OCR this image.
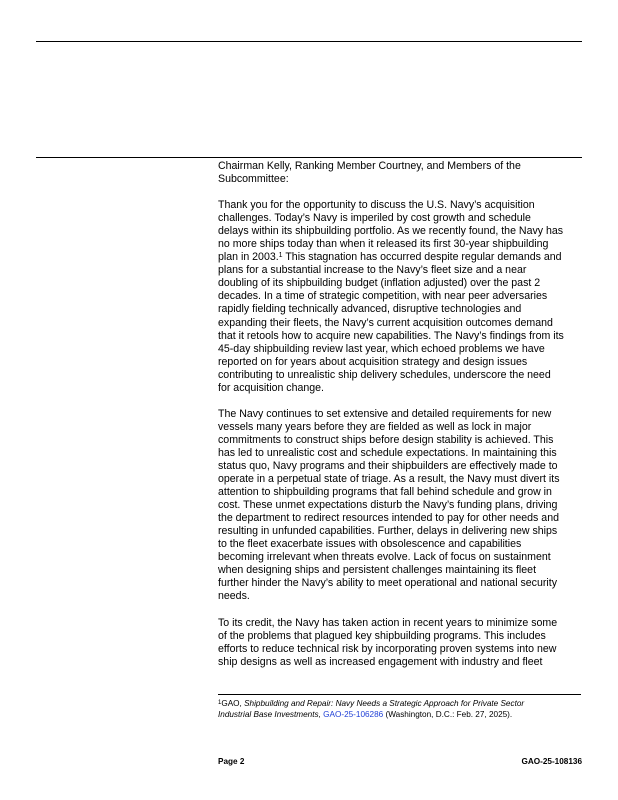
Chairman Kelly, Ranking Member Courtney, and Members of the
Subcommittee:

Thank you for the opportunity to discuss the U.S. Navy’s acquisition
challenges. Today’s Navy is imperiled by cost growth and schedule
delays within its shipbuilding portfolio. As we recently found, the Navy has
no more ships today than when it released its first 30-year shipbuilding
plan in 2003.$^1$ This stagnation has occurred despite regular demands and
plans for a substantial increase to the Navy’s fleet size and a near
doubling of its shipbuilding budget (inflation adjusted) over the past 2
decades. In a time of strategic competition, with near peer adversaries
rapidly fielding technically advanced, disruptive technologies and
expanding their fleets, the Navy’s current acquisition outcomes demand
that it retools how to acquire new capabilities. The Navy’s findings from its
45-day shipbuilding review last year, which echoed problems we have
reported on for years about acquisition strategy and design issues
contributing to unrealistic ship delivery schedules, underscore the need
for acquisition change.

The Navy continues to set extensive and detailed requirements for new
vessels many years before they are fielded as well as lock in major
commitments to construct ships before design stability is achieved. This
has led to unrealistic cost and schedule expectations. In maintaining this
status quo, Navy programs and their shipbuilders are effectively made to
operate in a perpetual state of triage. As a result, the Navy must divert its
attention to shipbuilding programs that fall behind schedule and grow in
cost. These unmet expectations disturb the Navy’s funding plans, driving
the department to redirect resources intended to pay for other needs and
resulting in unfunded capabilities. Further, delays in delivering new ships
to the fleet exacerbate issues with obsolescence and capabilities
becoming irrelevant when threats evolve. Lack of focus on sustainment
when designing ships and persistent challenges maintaining its fleet
further hinder the Navy’s ability to meet operational and national security
needs.

To its credit, the Navy has taken action in recent years to minimize some
of the problems that plagued key shipbuilding programs. This includes
efforts to reduce technical risk by incorporating proven systems into new
ship designs as well as increased engagement with industry and fleet

$^1$GAO, Shipbuilding and Repair: Navy Needs a Strategic Approach for Private Sector
Industrial Base Investments, GAO-25-106286 (Washington, D.C.: Feb. 27, 2025).
Page 2	GAO-25-108136
